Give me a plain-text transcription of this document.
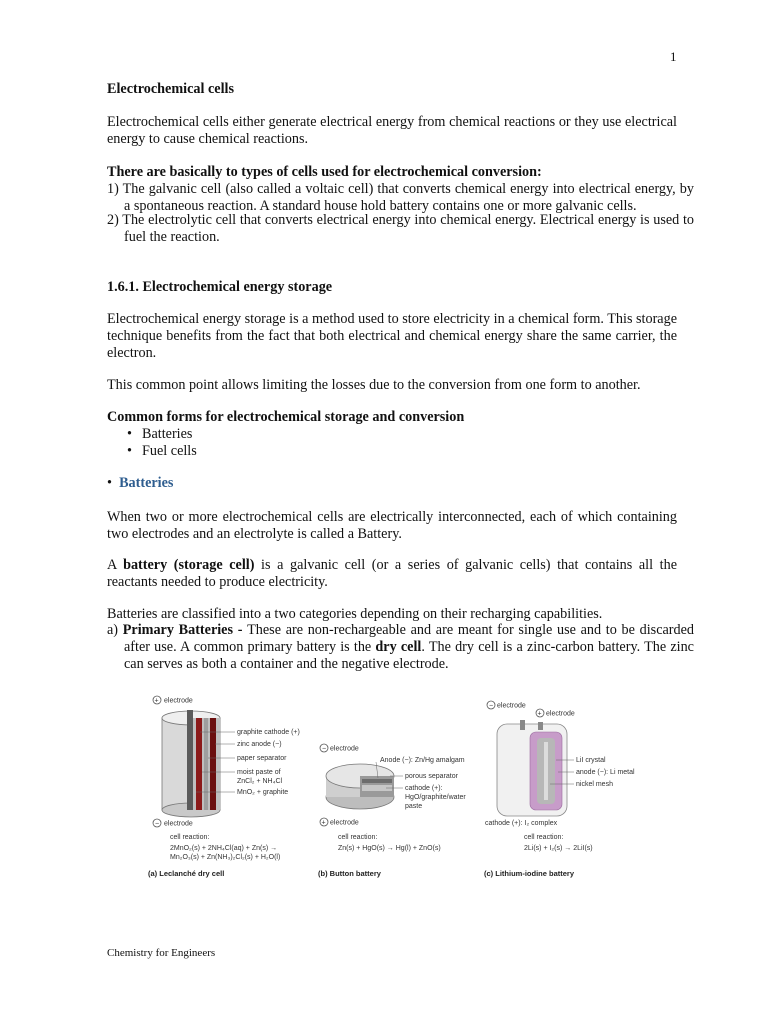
1
Electrochemical cells
Electrochemical cells either generate electrical energy from chemical reactions or they use electrical energy to cause chemical reactions.
There are basically to types of cells used for electrochemical conversion:
1) The galvanic cell (also called a voltaic cell) that converts chemical energy into electrical energy, by a spontaneous reaction. A standard house hold battery contains one or more galvanic cells.
2) The electrolytic cell that converts electrical energy into chemical energy. Electrical energy is used to fuel the reaction.
1.6.1. Electrochemical energy storage
Electrochemical energy storage is a method used to store electricity in a chemical form. This storage technique benefits from the fact that both electrical and chemical energy share the same carrier, the electron.
This common point allows limiting the losses due to the conversion from one form to another.
Common forms for electrochemical storage and conversion
• Batteries
• Fuel cells
•  Batteries
When two or more electrochemical cells are electrically interconnected, each of which containing two electrodes and an electrolyte is called a Battery.
A battery (storage cell) is a galvanic cell (or a series of galvanic cells) that contains all the reactants needed to produce electricity.
Batteries are classified into a two categories depending on their recharging capabilities.
a) Primary Batteries - These are non-rechargeable and are meant for single use and to be discarded after use. A common primary battery is the dry cell. The dry cell is a zinc-carbon battery. The zinc can serves as both a container and the negative electrode.
+ electrode
graphite cathode (+)
zinc anode (−)
paper separator
moist paste of
ZnCl₂ + NH₄Cl
MnO₂ + graphite
− electrode
cell reaction:
2MnO₂(s) + 2NH₄Cl(aq) + Zn(s) →
Mn₂O₃(s) + Zn(NH₃)₂Cl₂(s) + H₂O(l)
(a) Leclanché dry cell
− electrode
Anode (−): Zn/Hg amalgam
porous separator
cathode (+):
HgO/graphite/water
paste
+ electrode
cell reaction:
Zn(s) + HgO(s) → Hg(l) + ZnO(s)
(b) Button battery
− electrode
+ electrode
LiI crystal
anode (−): Li metal
nickel mesh
cathode (+): I₂ complex
cell reaction:
2Li(s) + I₂(s) → 2LiI(s)
(c) Lithium-iodine battery
Chemistry for Engineers
